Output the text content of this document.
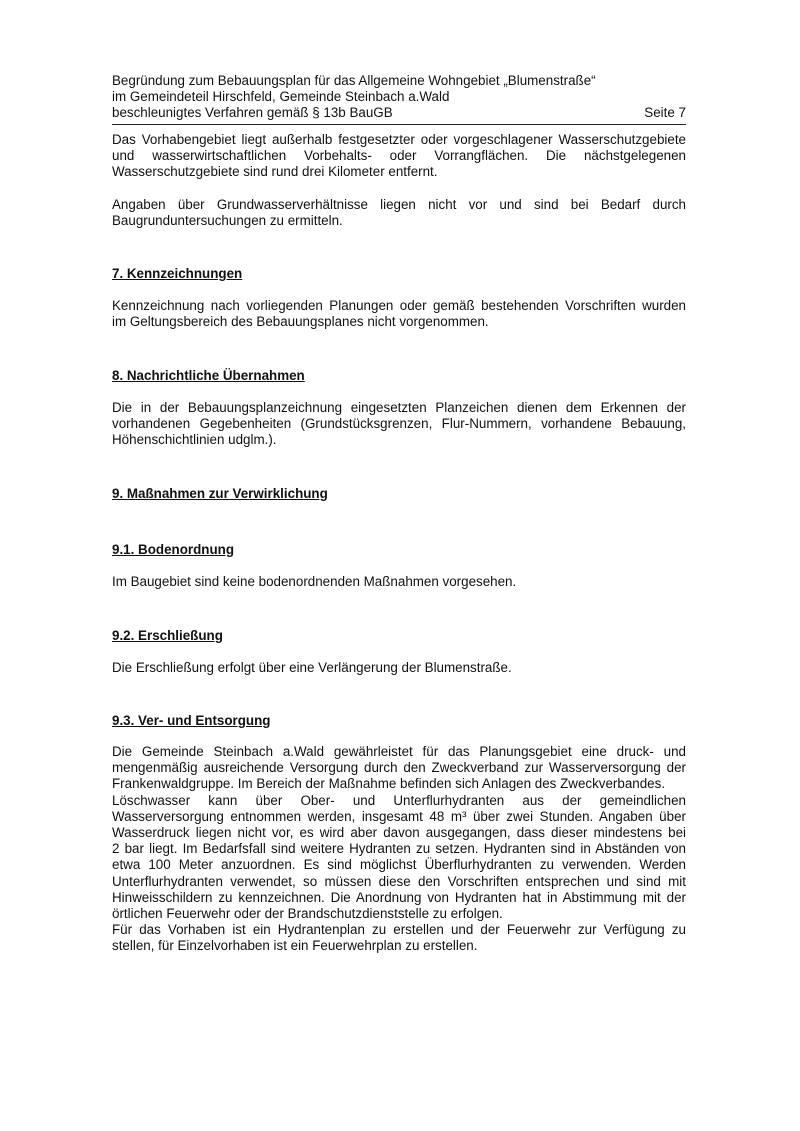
Begründung zum Bebauungsplan für das Allgemeine Wohngebiet „Blumenstraße“
im Gemeindeteil Hirschfeld, Gemeinde Steinbach a.Wald
beschleunigtes Verfahren gemäß § 13b BauGB	Seite 7

Das Vorhabengebiet liegt außerhalb festgesetzter oder vorgeschlagener Wasserschutzgebiete
und wasserwirtschaftlichen Vorbehalts- oder Vorrangflächen. Die nächstgelegenen
Wasserschutzgebiete sind rund drei Kilometer entfernt.

Angaben über Grundwasserverhältnisse liegen nicht vor und sind bei Bedarf durch
Baugrunduntersuchungen zu ermitteln.

7. Kennzeichnungen

Kennzeichnung nach vorliegenden Planungen oder gemäß bestehenden Vorschriften wurden
im Geltungsbereich des Bebauungsplanes nicht vorgenommen.

8. Nachrichtliche Übernahmen

Die in der Bebauungsplanzeichnung eingesetzten Planzeichen dienen dem Erkennen der
vorhandenen Gegebenheiten (Grundstücksgrenzen, Flur-Nummern, vorhandene Bebauung,
Höhenschichtlinien udglm.).

9. Maßnahmen zur Verwirklichung
9.1. Bodenordnung

Im Baugebiet sind keine bodenordnenden Maßnahmen vorgesehen.

9.2. Erschließung

Die Erschließung erfolgt über eine Verlängerung der Blumenstraße.

9.3. Ver- und Entsorgung

Die Gemeinde Steinbach a.Wald gewährleistet für das Planungsgebiet eine druck- und
mengenmäßig ausreichende Versorgung durch den Zweckverband zur Wasserversorgung der
Frankenwaldgruppe. Im Bereich der Maßnahme befinden sich Anlagen des Zweckverbandes.
Löschwasser kann über Ober- und Unterflurhydranten aus der gemeindlichen
Wasserversorgung entnommen werden, insgesamt 48 m³ über zwei Stunden. Angaben über
Wasserdruck liegen nicht vor, es wird aber davon ausgegangen, dass dieser mindestens bei
2 bar liegt. Im Bedarfsfall sind weitere Hydranten zu setzen. Hydranten sind in Abständen von
etwa 100 Meter anzuordnen. Es sind möglichst Überflurhydranten zu verwenden. Werden
Unterflurhydranten verwendet, so müssen diese den Vorschriften entsprechen und sind mit
Hinweisschildern zu kennzeichnen. Die Anordnung von Hydranten hat in Abstimmung mit der
örtlichen Feuerwehr oder der Brandschutzdienststelle zu erfolgen.
Für das Vorhaben ist ein Hydrantenplan zu erstellen und der Feuerwehr zur Verfügung zu
stellen, für Einzelvorhaben ist ein Feuerwehrplan zu erstellen.
